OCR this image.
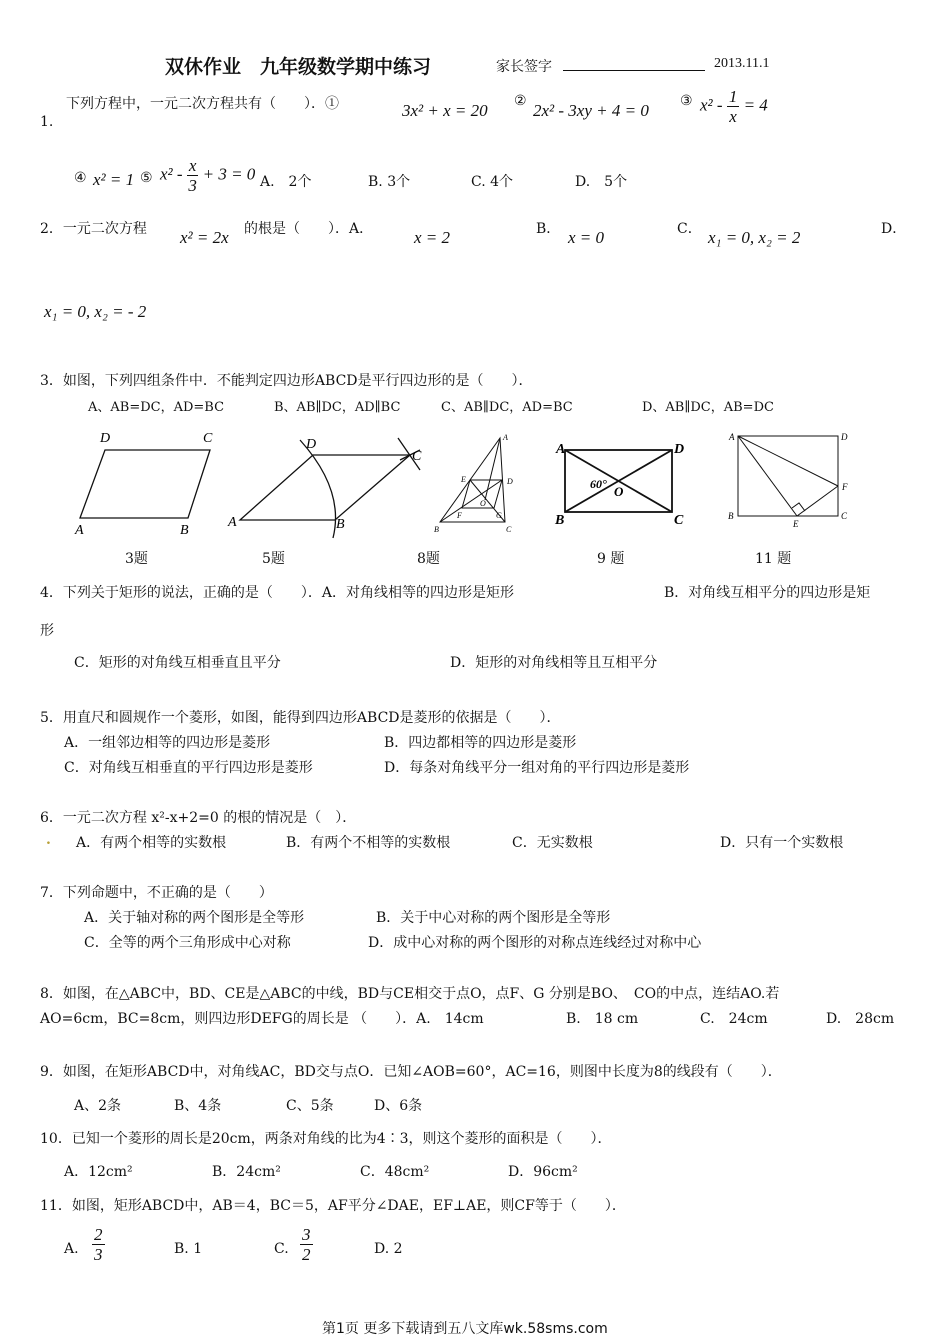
双休作业　九年级数学期中练习	家长签字	2013.11.1
下列方程中，一元二次方程共有（　　）．①
1.
3x² + x = 20 ② 2x² - 3xy + 4 = 0 ③ $x^2 - \frac{1}{x} = 4$
④ x² = 1 ⑤ $x^2 - \frac{x}{3} + 3 = 0$ A.　2个	B. 3个	C. 4个	D.　5个
2．一元二次方程 x² = 2x 的根是（　　）．A． x = 2	B． x = 0	C． x₁ = 0, x₂ = 2	D．
x₁ = 0, x₂ = - 2
3．如图，下列四组条件中．不能判定四边形ABCD是平行四边形的是（　　）．
A、AB=DC，AD=BC	B、AB∥DC，AD∥BC	C、AB∥DC，AD=BC	D、AB∥DC，AB=DC
D	C
A	B
D
C
A	B
A
B	C
D
E
F	G
O
A	D
B	C
O
60°
A	D
B	C
E
F
3题	5题	8题	9 题	11 题
4．下列关于矩形的说法，正确的是（　　）．A．对角线相等的四边形是矩形	B．对角线互相平分的四边形是矩
形
C．矩形的对角线互相垂直且平分	D．矩形的对角线相等且互相平分
5．用直尺和圆规作一个菱形，如图，能得到四边形ABCD是菱形的依据是（　　）．
A．一组邻边相等的四边形是菱形	B．四边都相等的四边形是菱形
C．对角线互相垂直的平行四边形是菱形	D．每条对角线平分一组对角的平行四边形是菱形
6．一元二次方程 x²-x+2=0 的根的情况是（　）．
. A．有两个相等的实数根	B．有两个不相等的实数根	C．无实数根	D．只有一个实数根
7．下列命题中，不正确的是（　　）
A．关于轴对称的两个图形是全等形	B．关于中心对称的两个图形是全等形
C．全等的两个三角形成中心对称	D．成中心对称的两个图形的对称点连线经过对称中心
8．如图，在△ABC中，BD、CE是△ABC的中线，BD与CE相交于点O，点F、G 分别是BO、　CO的中点，连结AO.若
AO=6cm，BC=8cm，则四边形DEFG的周长是 （　　）．A.　14cm	B.　18 cm	C.　24cm	D.　28cm
9．如图，在矩形ABCD中，对角线AC，BD交与点O．已知∠AOB=60°，AC=16，则图中长度为8的线段有（　　）．
A、2条	B、4条	C、5条	D、6条
10．已知一个菱形的周长是20cm，两条对角线的比为4∶3，则这个菱形的面积是（　　）．
A．12cm²	B．24cm²	C．48cm²	D．96cm²
11．如图，矩形ABCD中，AB＝4，BC＝5，AF平分∠DAE，EF⊥AE，则CF等于（　　）．
A. $\frac{2}{3}$	B. 1	C. $\frac{3}{2}$	D. 2
第1页 更多下载请到五八文库wk.58sms.com
